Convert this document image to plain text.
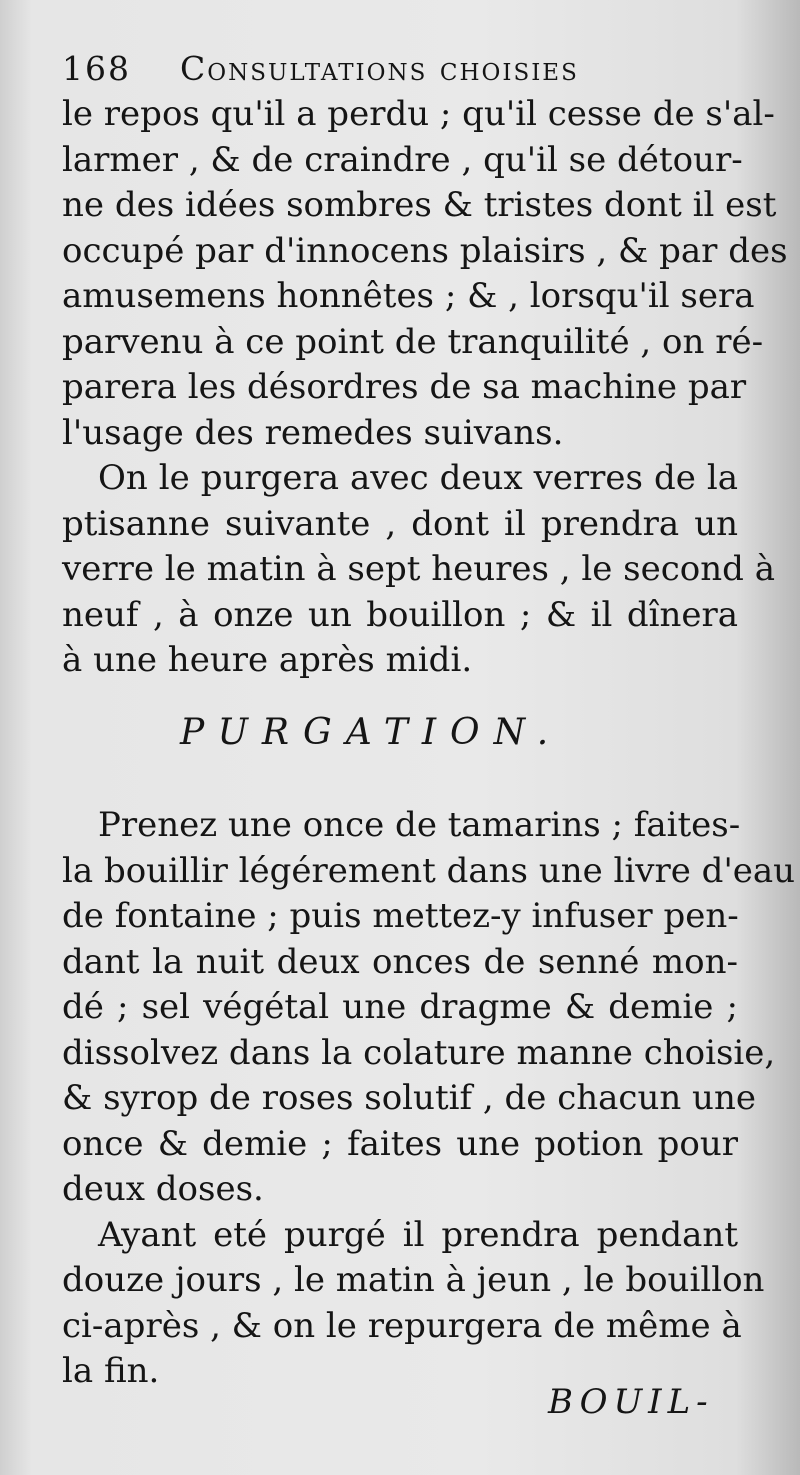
168 Consultations choisies
le repos qu'il a perdu ; qu'il cesse de s'al-
larmer , & de craindre , qu'il se détour-
ne des idées sombres & tristes dont il est
occupé par d'innocens plaisirs , & par des
amusemens honnêtes ; & , lorsqu'il sera
parvenu à ce point de tranquilité , on ré-
parera les désordres de sa machine par
l'usage des remedes suivans.
On le purgera avec deux verres de la
ptisanne suivante , dont il prendra un
verre le matin à sept heures , le second à
neuf , à onze un bouillon ; & il dînera
à une heure après midi.
PURGATION.
Prenez une once de tamarins ; faites-
la bouillir légérement dans une livre d'eau
de fontaine ; puis mettez-y infuser pen-
dant la nuit deux onces de senné mon-
dé ; sel végétal une dragme & demie ;
dissolvez dans la colature manne choisie,
& syrop de roses solutif , de chacun une
once & demie ; faites une potion pour
deux doses.
Ayant eté purgé il prendra pendant
douze jours , le matin à jeun , le bouillon
ci-après , & on le repurgera de même à
la fin.
BOUIL-
